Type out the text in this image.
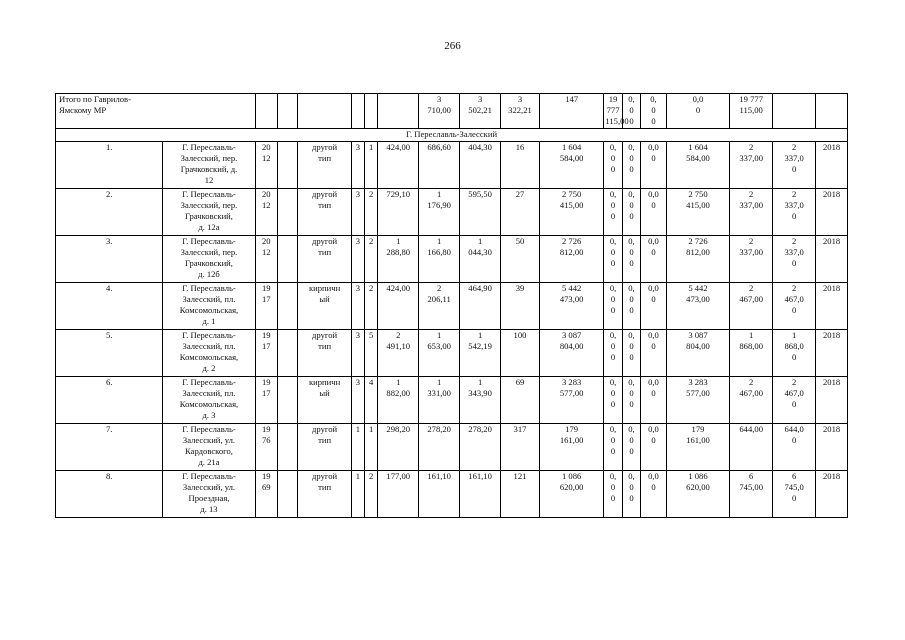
266
Итого по Гаврилов-
Ямскому МР								3
710,00	3
502,21	3
322,21	147	19 777
115,00	0,
0
0	0,
0
0	0,0
0	19 777
115,00		
Г. Переславль-Залесский																		
1.	Г. Переславль-
Залесский, пер.
Грачковский, д.
12	20
12		другой
тип	3	1	424,00	686,60	404,30	16	1 604
584,00	0,
0
0	0,
0
0	0,0
0	1 604
584,00	2
337,00	2
337,0
0	2018
2.	Г. Переславль-
Залесский, пер.
Грачковский,
д. 12а	20
12		другой
тип	3	2	729,10	1
176,90	595,50	27	2 750
415,00	0,
0
0	0,
0
0	0,0
0	2 750
415,00	2
337,00	2
337,0
0	2018
3.	Г. Переславль-
Залесский, пер.
Грачковский,
д. 12б	20
12		другой
тип	3	2	1
288,80	1
166,80	1
044,30	50	2 726
812,00	0,
0
0	0,
0
0	0,0
0	2 726
812,00	2
337,00	2
337,0
0	2018
4.	Г. Переславль-
Залесский, пл.
Комсомольская,
д. 1	19
17		кирпичн
ый	3	2	424,00	2
206,11	464,90	39	5 442
473,00	0,
0
0	0,
0
0	0,0
0	5 442
473,00	2
467,00	2
467,0
0	2018
5.	Г. Переславль-
Залесский, пл.
Комсомольская,
д. 2	19
17		другой
тип	3	5	2
491,10	1
653,00	1
542,19	100	3 087
804,00	0,
0
0	0,
0
0	0,0
0	3 087
804,00	1
868,00	1
868,0
0	2018
6.	Г. Переславль-
Залесский, пл.
Комсомольская,
д. 3	19
17		кирпичн
ый	3	4	1
882,00	1
331,00	1
343,90	69	3 283
577,00	0,
0
0	0,
0
0	0,0
0	3 283
577,00	2
467,00	2
467,0
0	2018
7.	Г. Переславль-
Залесский, ул.
Кардовского,
д. 21а	19
76		другой
тип	1	1	298,20	278,20	278,20	317	179
161,00	0,
0
0	0,
0
0	0,0
0	179
161,00	644,00	644,0
0	2018
8.	Г. Переславль-
Залесский, ул.
Проездная,
д. 13	19
69		другой
тип	1	2	177,00	161,10	161,10	121	1 086
620,00	0,
0
0	0,
0
0	0,0
0	1 086
620,00	6
745,00	6
745,0
0	2018
